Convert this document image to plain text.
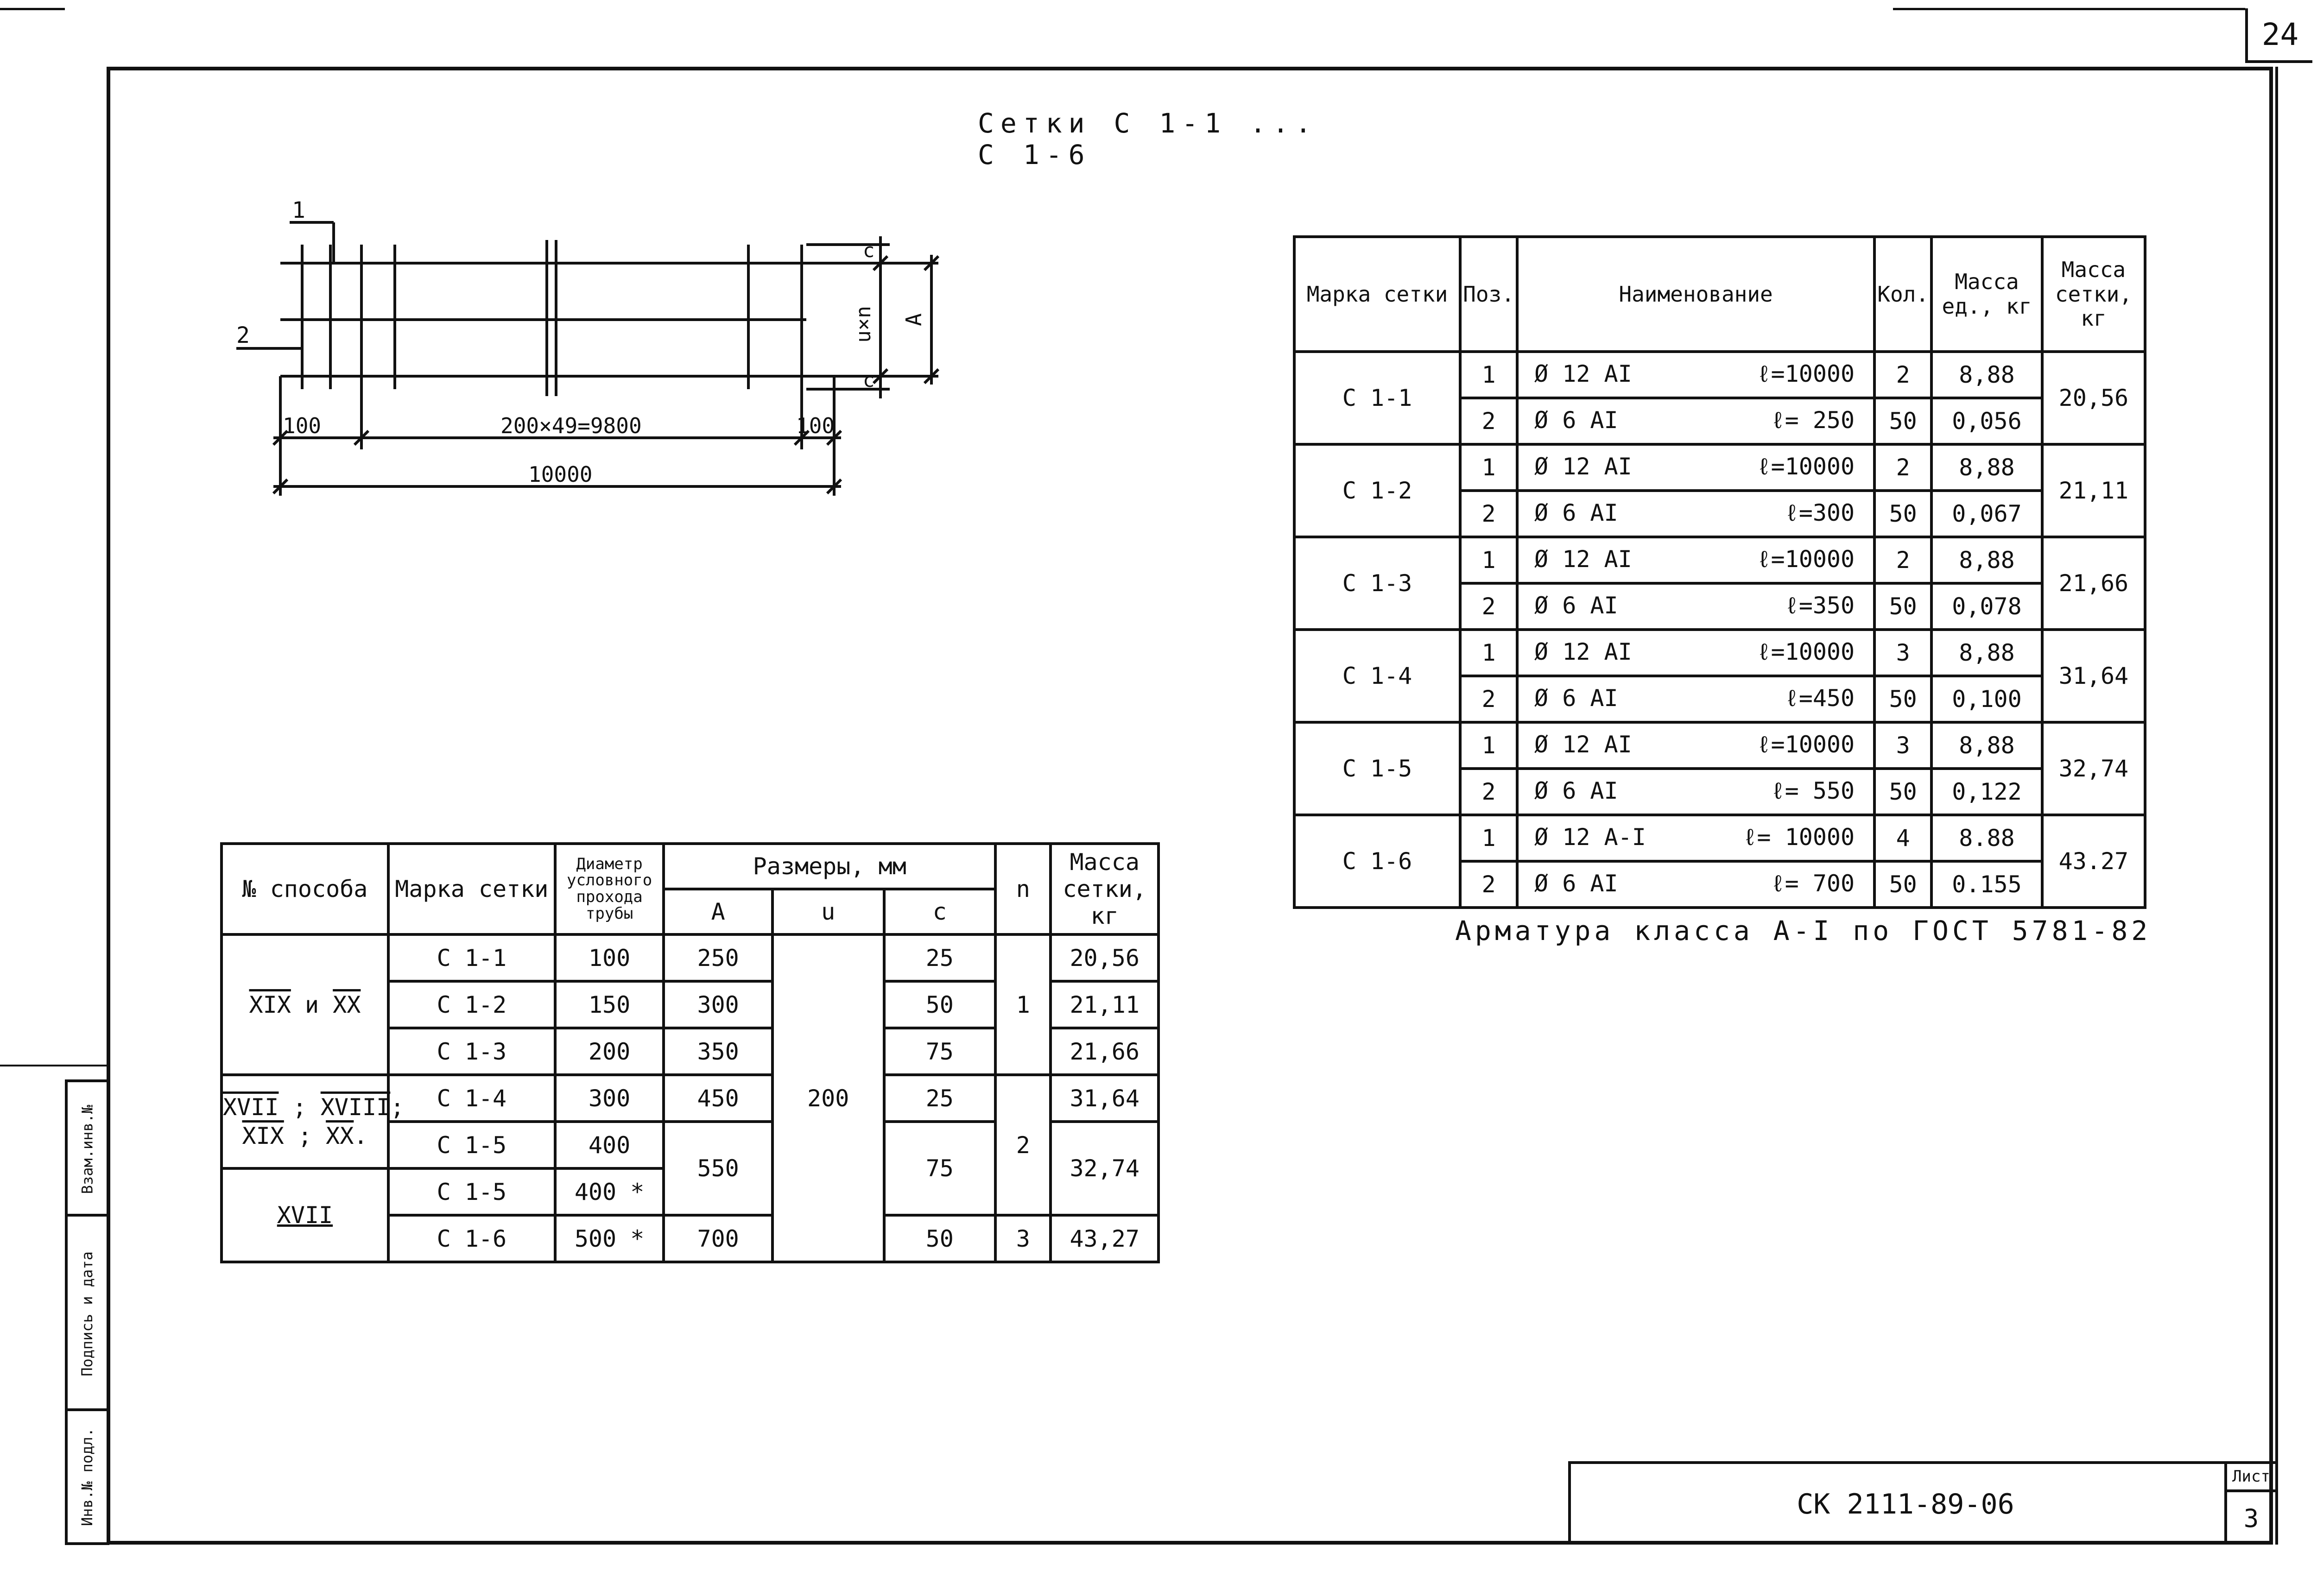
24
Сетки С 1-1 ... С 1-6
1
2
100	200×49=9800	100
10000
c
u×n
c
A
Марка сетки	Поз.	Наименование	Кол.	Масса ед., кг	Масса сетки, кг
С 1-1	1	Ø 12 AI ℓ=10000	2	8,88	20,56
	2	Ø 6 AI ℓ= 250	50	0,056	
С 1-2	1	Ø 12 AI ℓ=10000	2	8,88	21,11
	2	Ø 6 AI ℓ=300	50	0,067	
С 1-3	1	Ø 12 AI ℓ=10000	2	8,88	21,66
	2	Ø 6 AI ℓ=350	50	0,078	
С 1-4	1	Ø 12 AI ℓ=10000	3	8,88	31,64
	2	Ø 6 AI ℓ=450	50	0,100	
С 1-5	1	Ø 12 AI ℓ=10000	3	8,88	32,74
	2	Ø 6 AI ℓ= 550	50	0,122	
С 1-6	1	Ø 12 A-I ℓ= 10000	4	8.88	43.27
	2	Ø 6 AI ℓ= 700	50	0.155	
Арматура класса А-I по ГОСТ 5781-82
№ способа	Марка сетки	Диаметр условного прохода трубы	Размеры, мм			n	Масса сетки, кг
			A	u	c		
$\overline{XIX}$ и $\overline{XX}$	С 1-1	100	250	200	25	1	20,56
	С 1-2	150	300		50		21,11
	С 1-3	200	350		75		21,66

XVII ; XVIII;
$\overline{XIX}$ ; $\overline{XX}$.	С 1-4	300	450		25	2	31,64
	С 1-5	400	550		75		32,74
XVII	С 1-5	400 *					
	С 1-6	500 *	700		50	3	43,27
СК 2111-89-06
Лист
3
Взам.инв.№
Подпись и дата
Инв.№ подл.
